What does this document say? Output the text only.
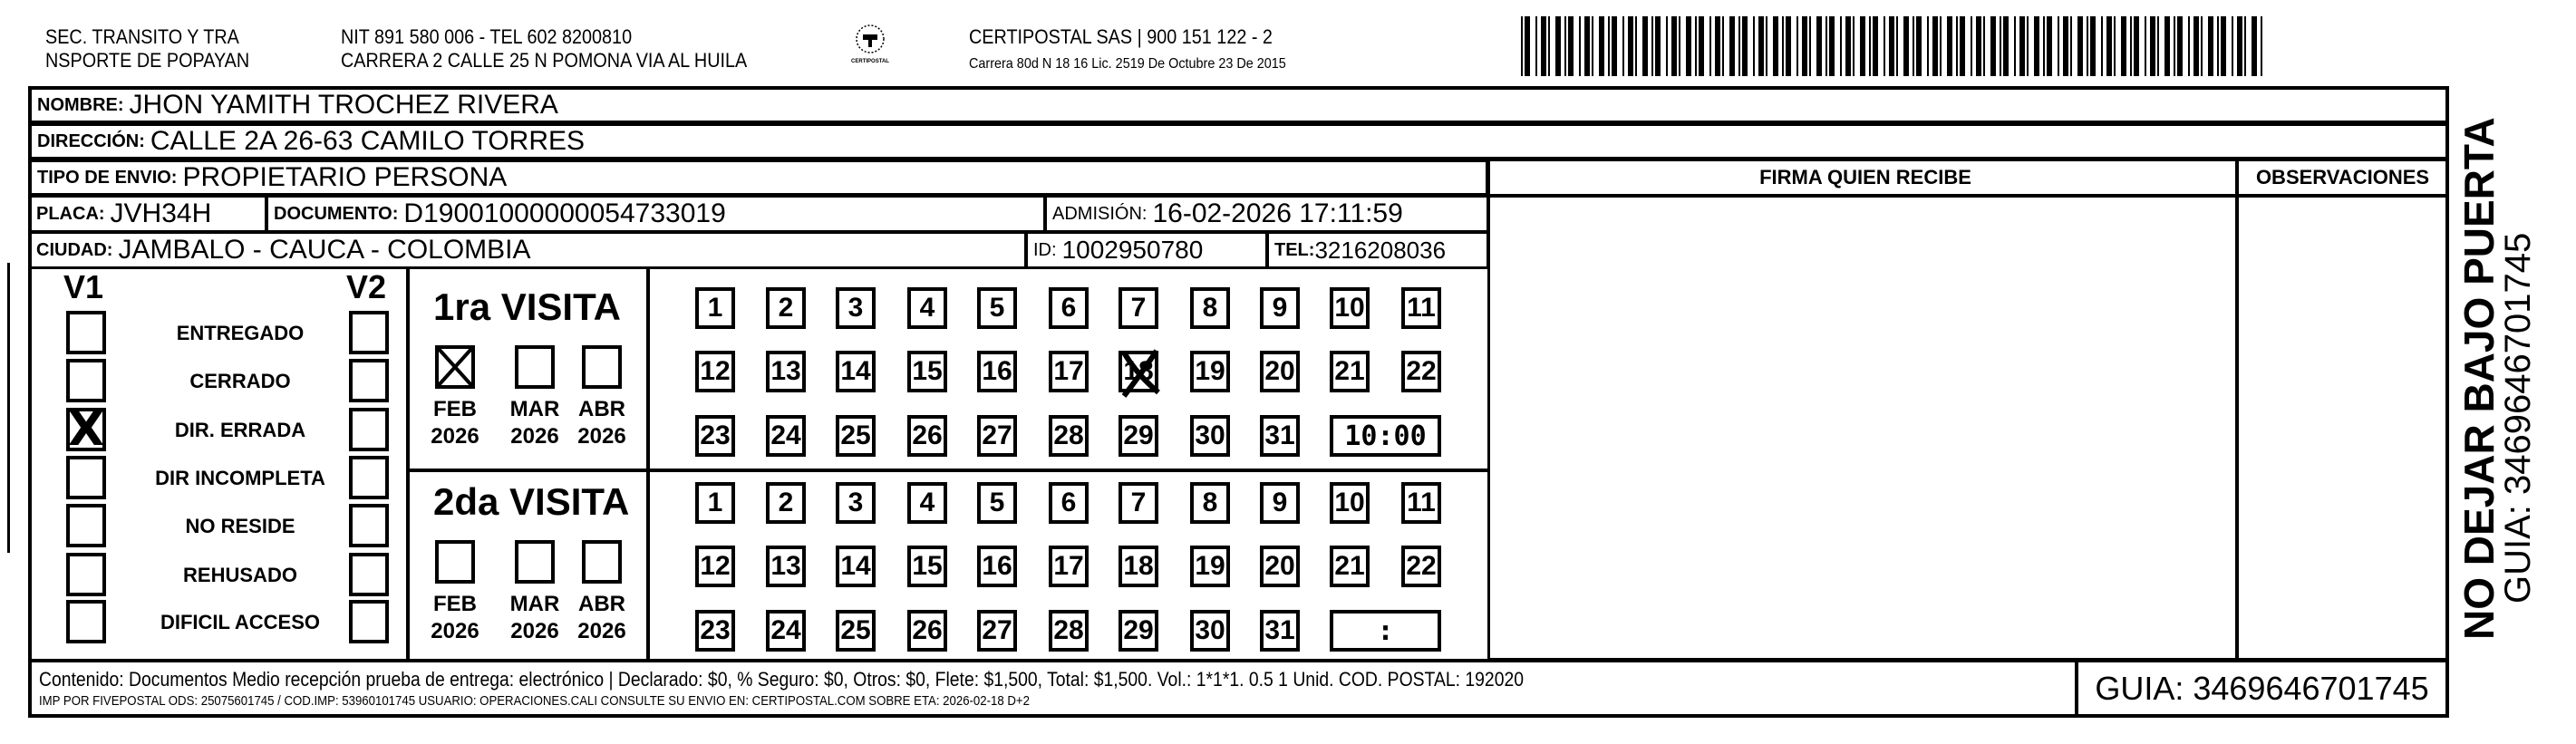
SEC. TRANSITO Y TRA
NSPORTE DE POPAYAN
NIT 891 580 006 - TEL 602 8200810
CARRERA 2 CALLE 25 N POMONA VIA AL HUILA	CERTIPOSTAL
CERTIPOSTAL SAS | 900 151 122 - 2
Carrera 80d N 18 16 Lic. 2519 De Octubre 23 De 2015
NOMBRE: JHON YAMITH TROCHEZ RIVERA
DIRECCIÓN: CALLE 2A 26-63 CAMILO TORRES
TIPO DE ENVIO: PROPIETARIO PERSONA
PLACA: JVH34H	DOCUMENTO: D19001000000054733019	ADMISIÓN: 16-02-2026 17:11:59
CIUDAD: JAMBALO - CAUCA - COLOMBIA	ID: 1002950780	TEL: 3216208036
FIRMA QUIEN RECIBE	OBSERVACIONES
V1	V2
ENTREGADO
CERRADO
DIR. ERRADA
X
DIR INCOMPLETA
NO RESIDE
REHUSADO
DIFICIL ACCESO
1ra VISITA
FEB
2026
MAR
2026
ABR
2026
1	2	3	4	5	6	7	8	9	10 11
12 13 14 15 16 17 18 19 20 21 22
23 24 25 26 27 28 29 30 31	10:00
2da VISITA
FEB
2026
MAR
2026
ABR
2026
1	2	3	4	5	6	7	8	9	10 11
12 13 14 15 16 17 18 19 20 21 22
23 24 25 26 27 28 29 30 31	:
Contenido: Documentos Medio recepción prueba de entrega: electrónico | Declarado: $0, % Seguro: $0, Otros: $0, Flete: $1,500, Total: $1,500. Vol.: 1*1*1. 0.5 1 Unid. COD. POSTAL: 192020
IMP POR FIVEPOSTAL ODS: 25075601745 / COD.IMP: 53960101745 USUARIO: OPERACIONES.CALI CONSULTE SU ENVIO EN: CERTIPOSTAL.COM SOBRE ETA: 2026-02-18 D+2	GUIA: 3469646701745
NO DEJAR BAJO PUERTA
GUIA: 3469646701745
